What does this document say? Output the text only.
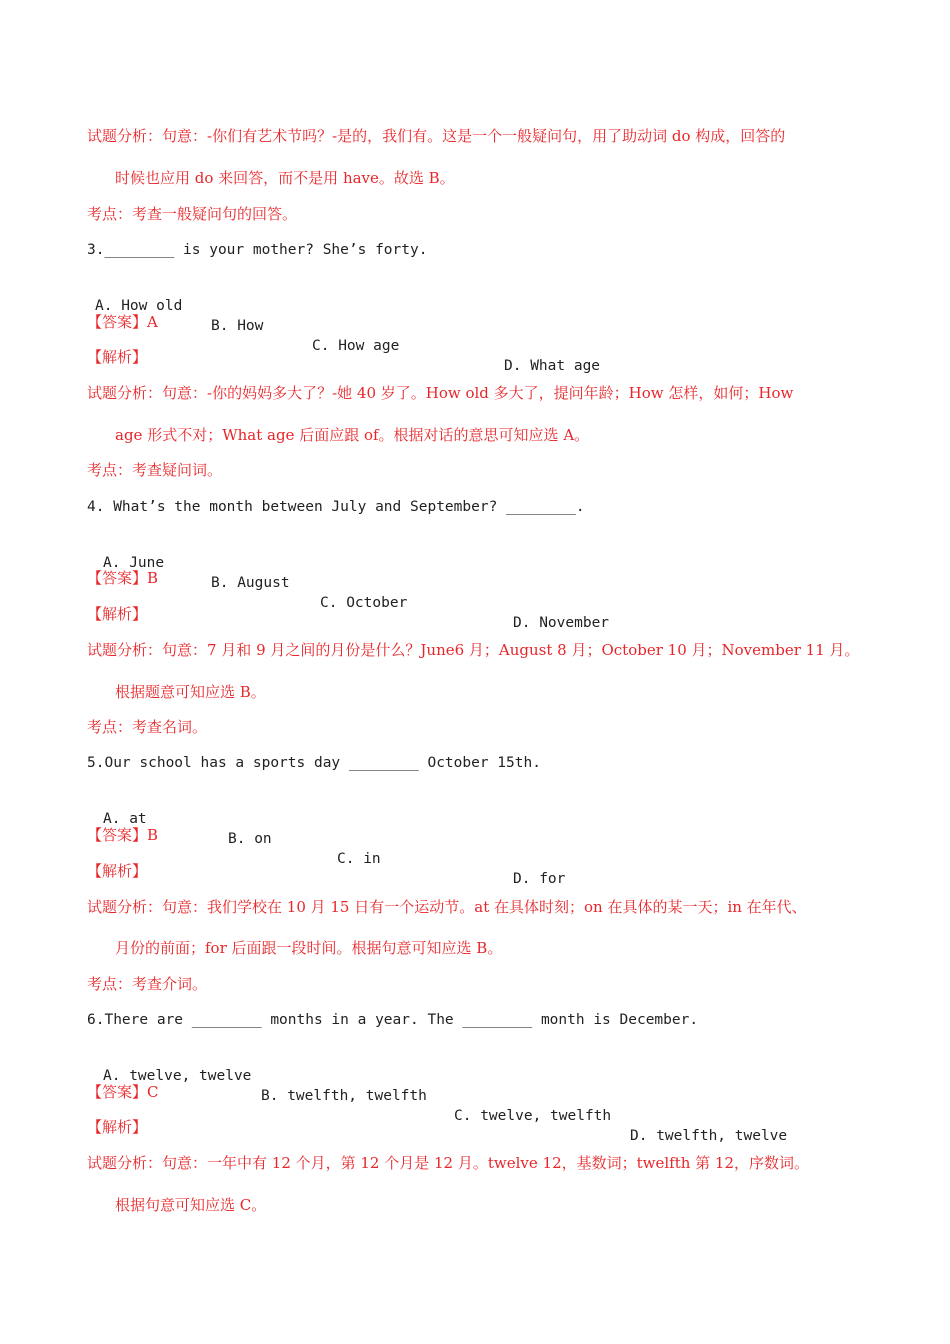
试题分析：句意：-你们有艺术节吗？-是的，我们有。这是一个一般疑问句，用了助动词 do 构成，回答的
时候也应用 do 来回答，而不是用 have。故选 B。
考点：考查一般疑问句的回答。
3.________ is your mother? She’s forty.

A. How old

B. How

C. How age

D. What age

【答案】A
【解析】
试题分析：句意：-你的妈妈多大了？-她 40 岁了。How old 多大了，提问年龄；How 怎样，如何；How
age 形式不对；What age 后面应跟 of。根据对话的意思可知应选 A。
考点：考查疑问词。
4. What’s the month between July and September? ________.

A. June

B. August

C. October

D. November

【答案】B
【解析】
试题分析：句意：7 月和 9 月之间的月份是什么？June6 月；August 8 月；October 10 月；November 11 月。
根据题意可知应选 B。
考点：考查名词。
5.Our school has a sports day ________ October 15th.

A. at

B. on

C. in

D. for

【答案】B
【解析】
试题分析：句意：我们学校在 10 月 15 日有一个运动节。at 在具体时刻；on 在具体的某一天；in 在年代、
月份的前面；for 后面跟一段时间。根据句意可知应选 B。
考点：考查介词。
6.There are ________ months in a year. The ________ month is December.

A. twelve, twelve

B. twelfth, twelfth

C. twelve, twelfth

D. twelfth, twelve

【答案】C
【解析】
试题分析：句意：一年中有 12 个月，第 12 个月是 12 月。twelve 12，基数词；twelfth 第 12，序数词。
根据句意可知应选 C。
